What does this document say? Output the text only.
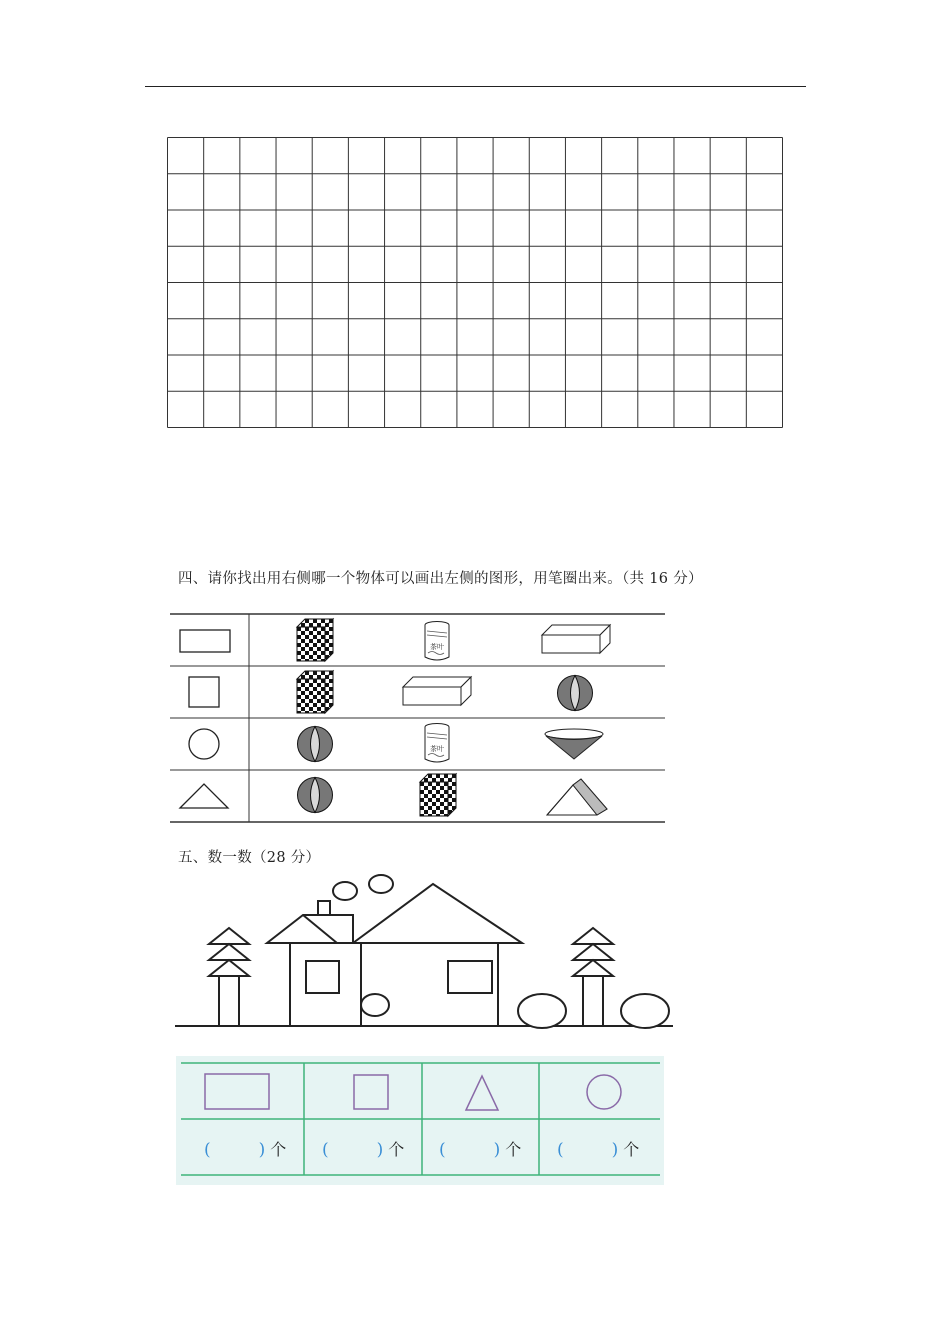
四、请你找出用右侧哪一个物体可以画出左侧的图形，用笔圈出来。（共 16 分）
茶叶
茶叶
五、数一数（28 分）
(	) 个 (	) 个 (	) 个 (	) 个
